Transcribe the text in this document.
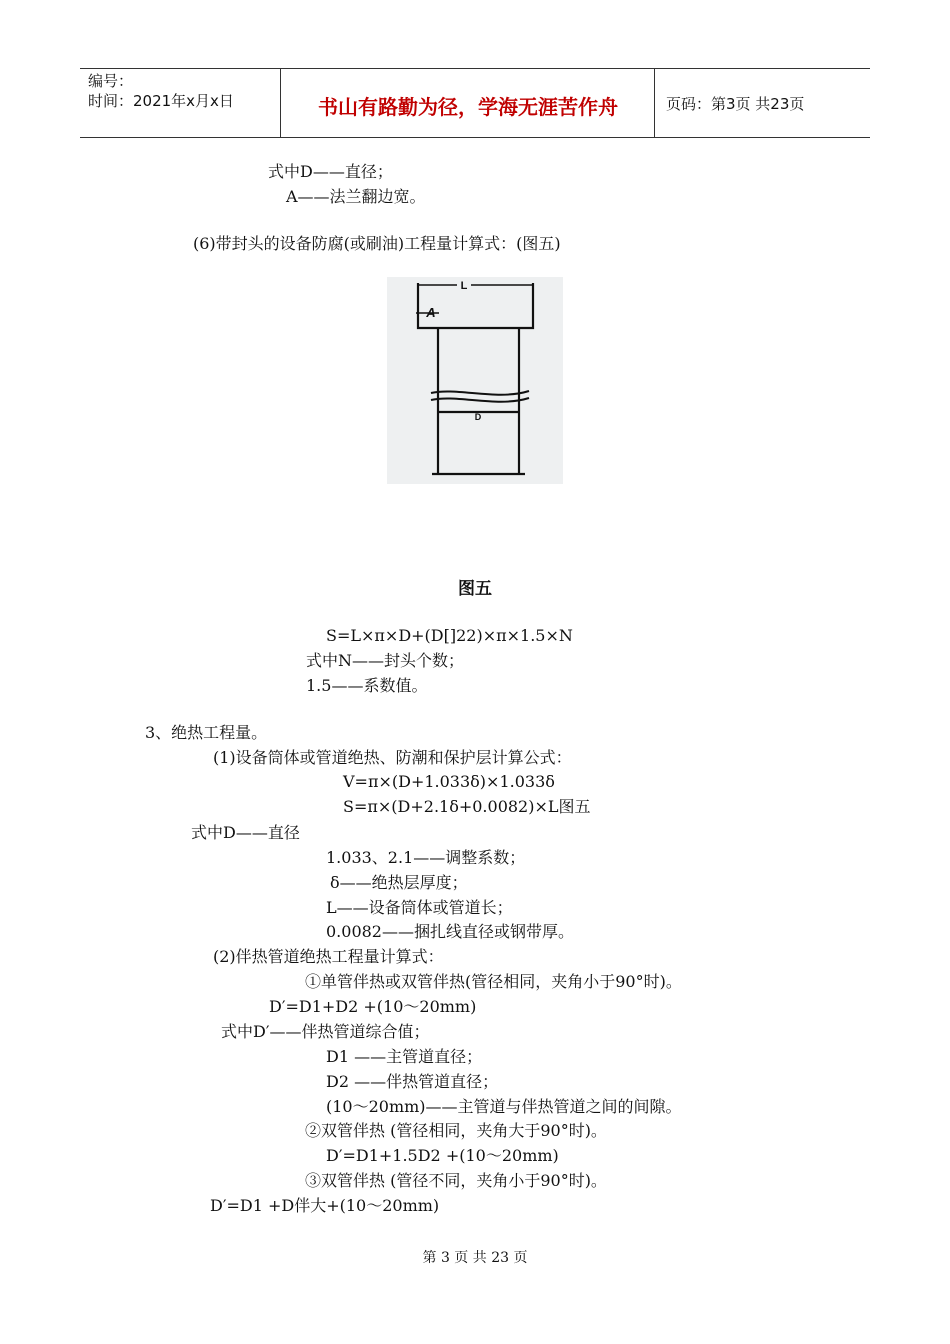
编号：
时间：2021年x月x日	书山有路勤为径，学海无涯苦作舟	页码：第3页 共23页
式中D——直径；
A——法兰翻边宽。
(6)带封头的设备防腐(或刷油)工程量计算式：(图五)
L
A
D
图五
S=L×π×D+(D[]22)×π×1.5×N
式中N——封头个数；
1.5——系数值。
3、绝热工程量。
(1)设备筒体或管道绝热、防潮和保护层计算公式：
V=π×(D+1.033δ)×1.033δ
S=π×(D+2.1δ+0.0082)×L图五
式中D——直径
1.033、2.1——调整系数；
δ——绝热层厚度；
L——设备筒体或管道长；
0.0082——捆扎线直径或钢带厚。
(2)伴热管道绝热工程量计算式：
①单管伴热或双管伴热(管径相同，夹角小于90°时)。
D′=D1+D2 +(10～20mm)
式中D′——伴热管道综合值；
D1 ——主管道直径；
D2 ——伴热管道直径；
(10～20mm)——主管道与伴热管道之间的间隙。
②双管伴热 (管径相同，夹角大于90°时)。
D′=D1+1.5D2 +(10～20mm)
③双管伴热 (管径不同，夹角小于90°时)。
D′=D1 +D伴大+(10～20mm)
第 3 页 共 23 页
